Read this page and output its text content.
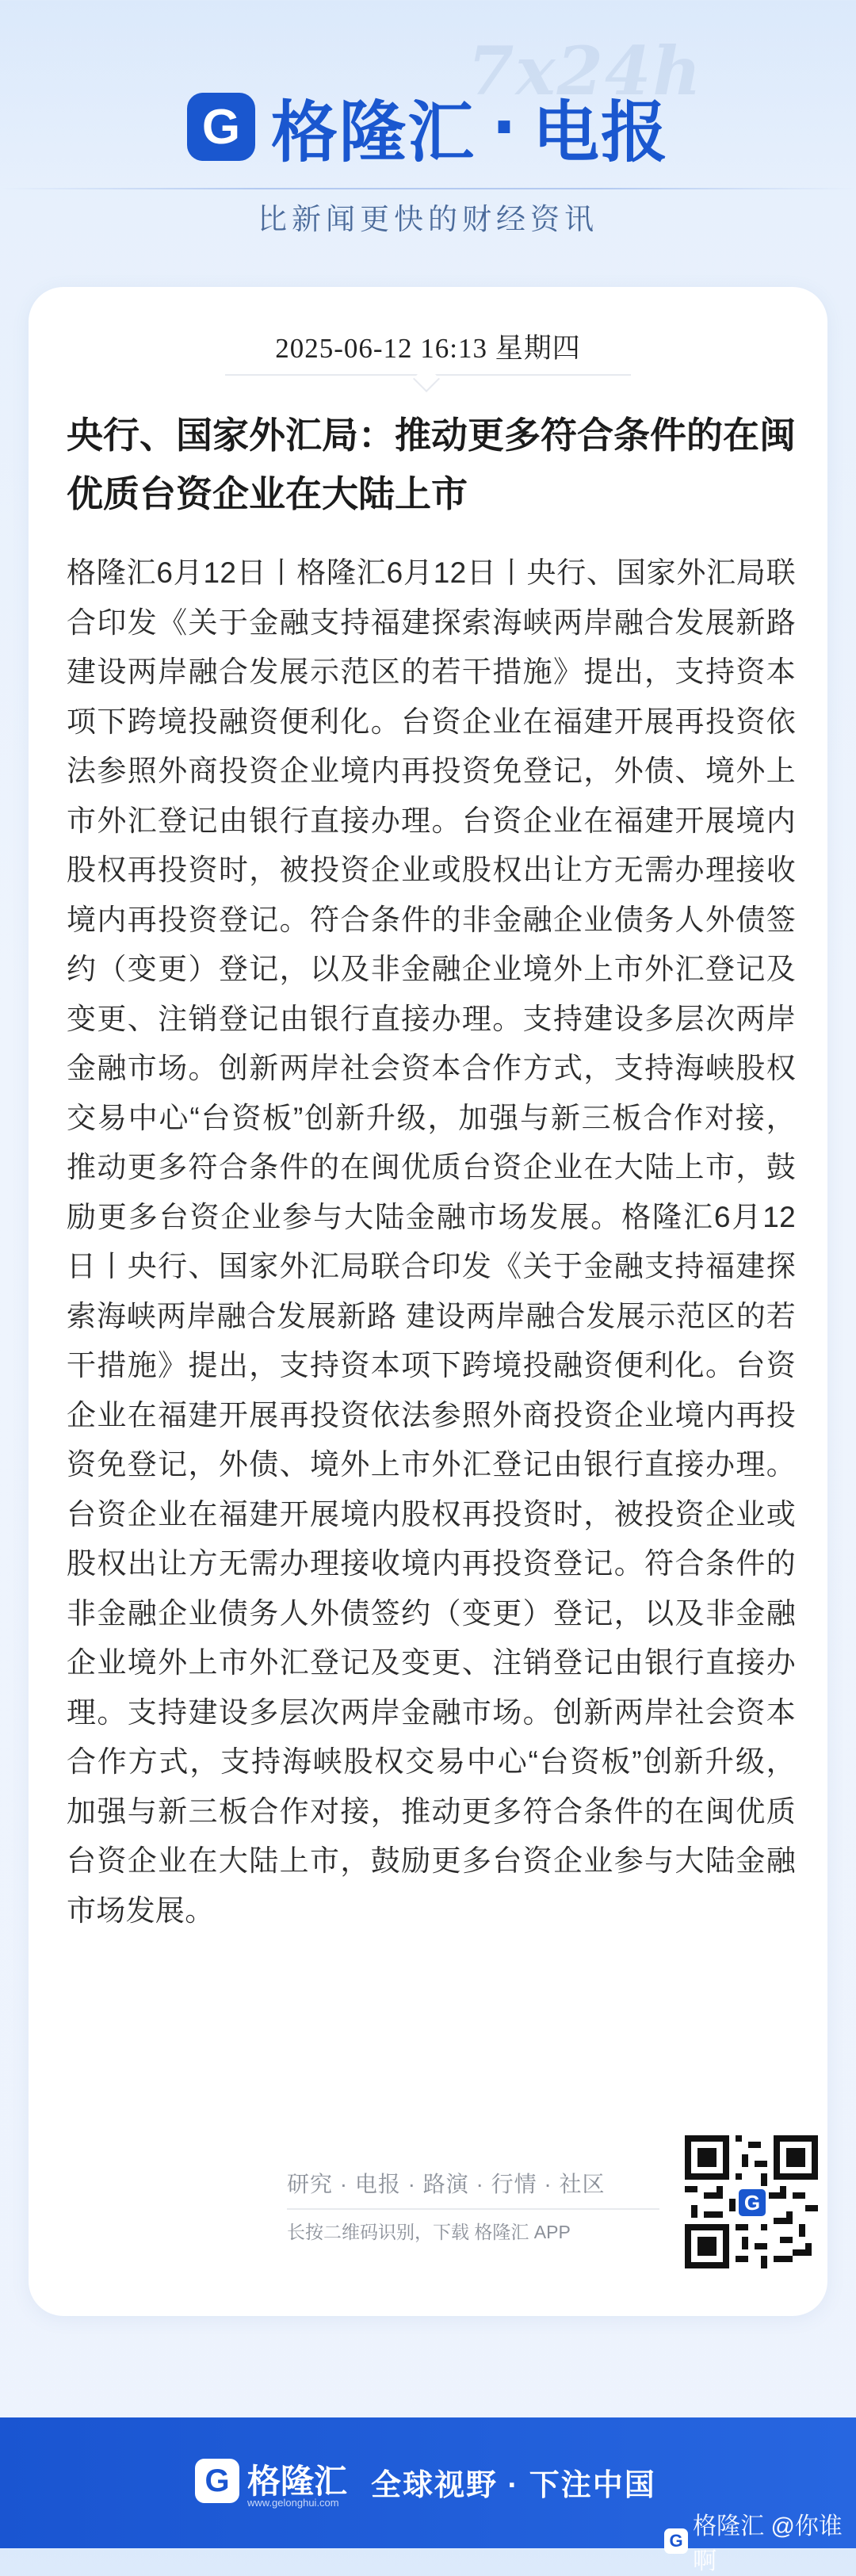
7x24h
G 格隆汇 · 电报
比新闻更快的财经资讯
2025-06-12 16:13 星期四
央行、国家外汇局：推动更多符合条件的在闽优质台资企业在大陆上市

格隆汇6月12日丨格隆汇6月12日丨央行、国家外汇局联合印发《关于金融支持福建探索海峡两岸融合发展新路 建设两岸融合发展示范区的若干措施》提出，支持资本项下跨境投融资便利化。台资企业在福建开展再投资依法参照外商投资企业境内再投资免登记，外债、境外上市外汇登记由银行直接办理。台资企业在福建开展境内股权再投资时，被投资企业或股权出让方无需办理接收境内再投资登记。符合条件的非金融企业债务人外债签约（变更）登记，以及非金融企业境外上市外汇登记及变更、注销登记由银行直接办理。支持建设多层次两岸金融市场。创新两岸社会资本合作方式，支持海峡股权交易中心“台资板”创新升级，加强与新三板合作对接，推动更多符合条件的在闽优质台资企业在大陆上市，鼓励更多台资企业参与大陆金融市场发展。格隆汇6月12日丨央行、国家外汇局联合印发《关于金融支持福建探索海峡两岸融合发展新路 建设两岸融合发展示范区的若干措施》提出，支持资本项下跨境投融资便利化。台资企业在福建开展再投资依法参照外商投资企业境内再投资免登记，外债、境外上市外汇登记由银行直接办理。台资企业在福建开展境内股权再投资时，被投资企业或股权出让方无需办理接收境内再投资登记。符合条件的非金融企业债务人外债签约（变更）登记，以及非金融企业境外上市外汇登记及变更、注销登记由银行直接办理。支持建设多层次两岸金融市场。创新两岸社会资本合作方式，支持海峡股权交易中心“台资板”创新升级，加强与新三板合作对接，推动更多符合条件的在闽优质台资企业在大陆上市，鼓励更多台资企业参与大陆金融市场发展。

研究 · 电报 · 路演 · 行情 · 社区
长按二维码识别，下载 格隆汇 APP
G
G 格隆汇
www.gelonghui.com
全球视野 · 下注中国
G
格隆汇 @你谁啊
